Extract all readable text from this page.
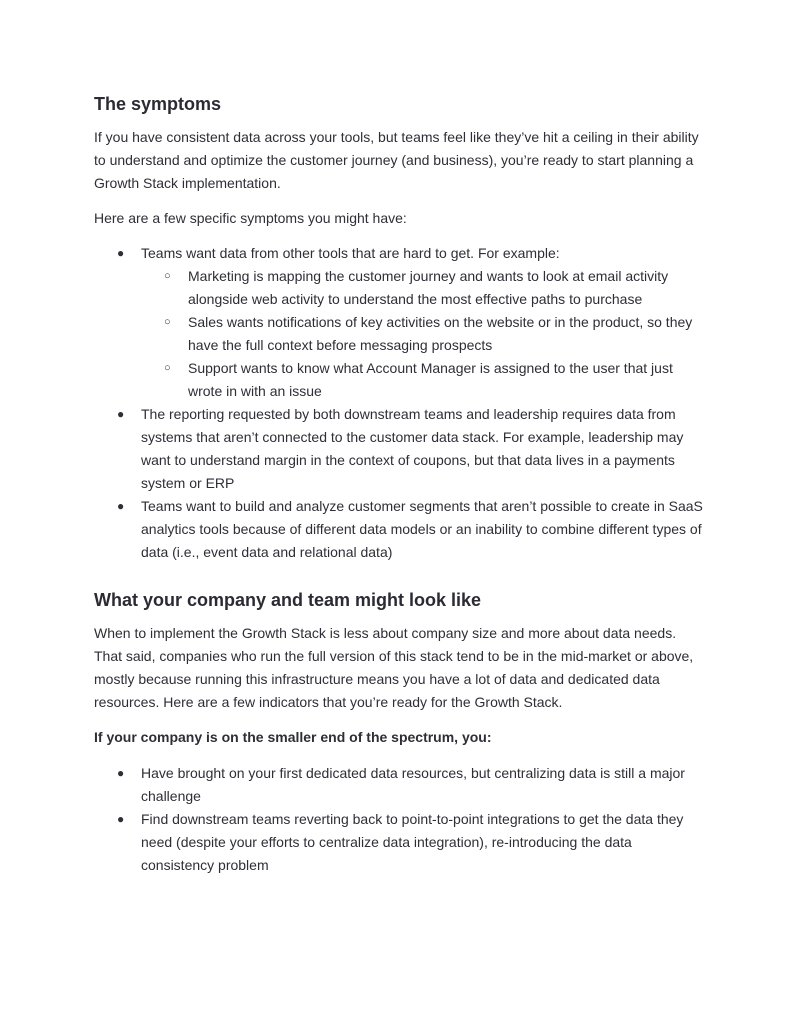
The symptoms

If you have consistent data across your tools, but teams feel like they’ve hit a ceiling in their ability to understand and optimize the customer journey (and business), you’re ready to start planning a Growth Stack implementation.

Here are a few specific symptoms you might have:

● Teams want data from other tools that are hard to get. For example:
○ Marketing is mapping the customer journey and wants to look at email activity alongside web activity to understand the most effective paths to purchase
○ Sales wants notifications of key activities on the website or in the product, so they have the full context before messaging prospects
○ Support wants to know what Account Manager is assigned to the user that just wrote in with an issue
● The reporting requested by both downstream teams and leadership requires data from systems that aren’t connected to the customer data stack. For example, leadership may want to understand margin in the context of coupons, but that data lives in a payments system or ERP
● Teams want to build and analyze customer segments that aren’t possible to create in SaaS analytics tools because of different data models or an inability to combine different types of data (i.e., event data and relational data)
What your company and team might look like

When to implement the Growth Stack is less about company size and more about data needs. That said, companies who run the full version of this stack tend to be in the mid-market or above, mostly because running this infrastructure means you have a lot of data and dedicated data resources. Here are a few indicators that you’re ready for the Growth Stack.

If your company is on the smaller end of the spectrum, you:

● Have brought on your first dedicated data resources, but centralizing data is still a major challenge
● Find downstream teams reverting back to point-to-point integrations to get the data they need (despite your efforts to centralize data integration), re-introducing the data consistency problem
